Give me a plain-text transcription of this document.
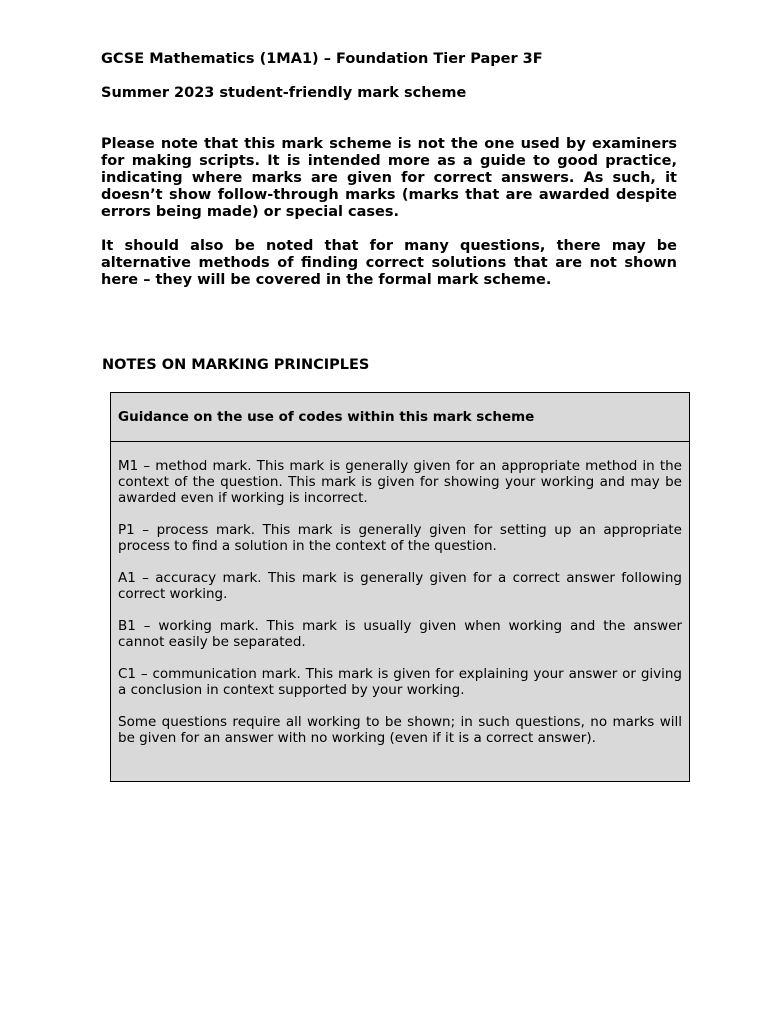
GCSE Mathematics (1MA1) – Foundation Tier Paper 3F
Summer 2023 student-friendly mark scheme

Please note that this mark scheme is not the one used by examiners for making scripts. It is intended more as a guide to good practice, indicating where marks are given for correct answers. As such, it doesn’t show follow-through marks (marks that are awarded despite errors being made) or special cases.

It should also be noted that for many questions, there may be alternative methods of finding correct solutions that are not shown here – they will be covered in the formal mark scheme.

NOTES ON MARKING PRINCIPLES
Guidance on the use of codes within this mark scheme

M1 – method mark. This mark is generally given for an appropriate method in the context of the question. This mark is given for showing your working and may be awarded even if working is incorrect.

P1 – process mark. This mark is generally given for setting up an appropriate process to find a solution in the context of the question.

A1 – accuracy mark. This mark is generally given for a correct answer following correct working.

B1 – working mark. This mark is usually given when working and the answer cannot easily be separated.

C1 – communication mark. This mark is given for explaining your answer or giving a conclusion in context supported by your working.

Some questions require all working to be shown; in such questions, no marks will be given for an answer with no working (even if it is a correct answer).
